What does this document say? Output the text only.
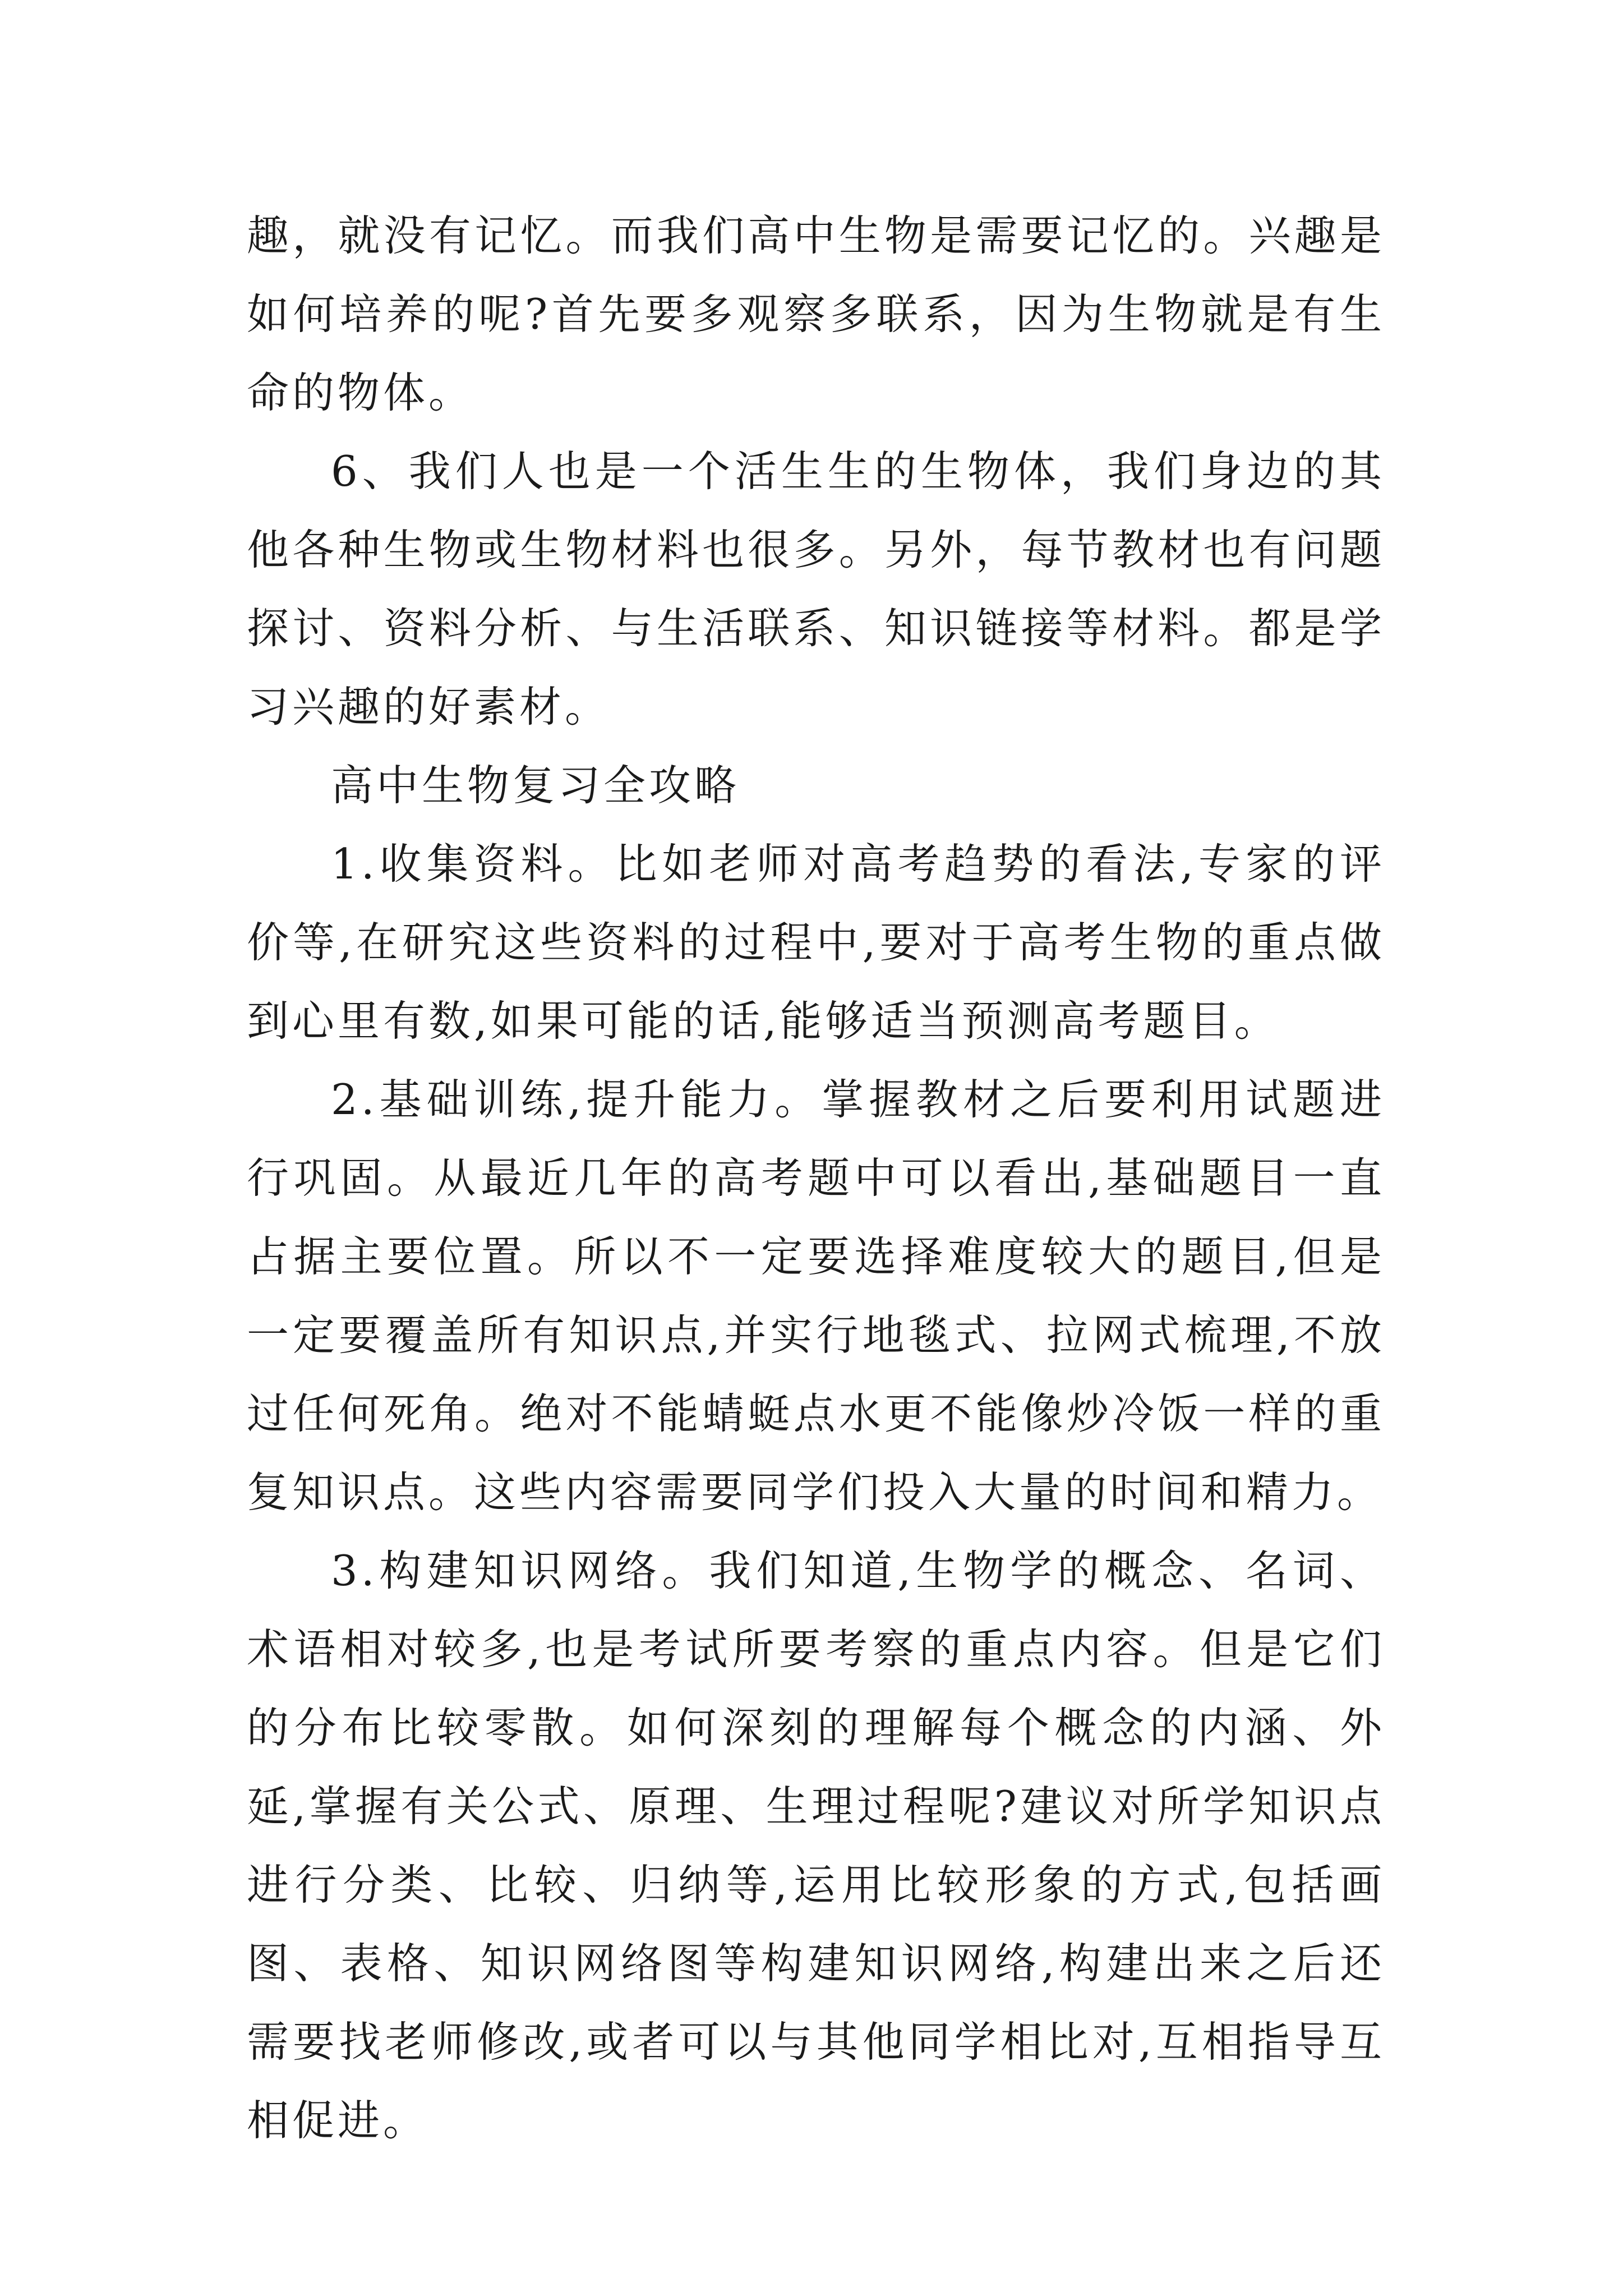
趣，就没有记忆。而我们高中生物是需要记忆的。兴趣是如何培养的呢?首先要多观察多联系，因为生物就是有生命的物体。

6、我们人也是一个活生生的生物体，我们身边的其他各种生物或生物材料也很多。另外，每节教材也有问题探讨、资料分析、与生活联系、知识链接等材料。都是学习兴趣的好素材。

高中生物复习全攻略

1.收集资料。比如老师对高考趋势的看法,专家的评价等,在研究这些资料的过程中,要对于高考生物的重点做到心里有数,如果可能的话,能够适当预测高考题目。

2.基础训练,提升能力。掌握教材之后要利用试题进行巩固。从最近几年的高考题中可以看出,基础题目一直占据主要位置。所以不一定要选择难度较大的题目,但是一定要覆盖所有知识点,并实行地毯式、拉网式梳理,不放过任何死角。绝对不能蜻蜓点水更不能像炒冷饭一样的重复知识点。这些内容需要同学们投入大量的时间和精力。

3.构建知识网络。我们知道,生物学的概念、名词、术语相对较多,也是考试所要考察的重点内容。但是它们的分布比较零散。如何深刻的理解每个概念的内涵、外延,掌握有关公式、原理、生理过程呢?建议对所学知识点进行分类、比较、归纳等,运用比较形象的方式,包括画图、表格、知识网络图等构建知识网络,构建出来之后还需要找老师修改,或者可以与其他同学相比对,互相指导互相促进。
